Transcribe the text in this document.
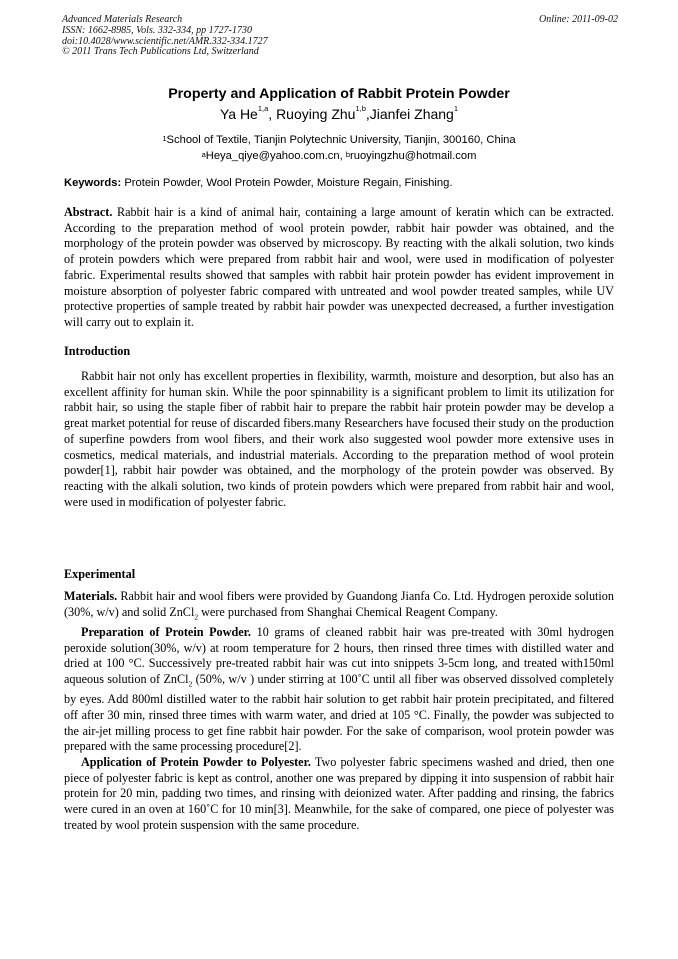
Advanced Materials Research
ISSN: 1662-8985, Vols. 332-334, pp 1727-1730
doi:10.4028/www.scientific.net/AMR.332-334.1727
© 2011 Trans Tech Publications Ltd, Switzerland
Online: 2011-09-02
Property and Application of Rabbit Protein Powder
Ya He$^{1,a}$, Ruoying Zhu$^{1,b}$,Jianfei Zhang$^1$
$^1$School of Textile, Tianjin Polytechnic University, Tianjin, 300160, China
$^a$Heya_qiye@yahoo.com.cn, $^b$ruoyingzhu@hotmail.com
Keywords: Protein Powder, Wool Protein Powder, Moisture Regain, Finishing.

Abstract. Rabbit hair is a kind of animal hair, containing a large amount of keratin which can be extracted. According to the preparation method of wool protein powder, rabbit hair powder was obtained, and the morphology of the protein powder was observed by microscopy. By reacting with the alkali solution, two kinds of protein powders which were prepared from rabbit hair and wool, were used in modification of polyester fabric. Experimental results showed that samples with rabbit hair protein powder has evident improvement in moisture absorption of polyester fabric compared with untreated and wool powder treated samples, while UV protective properties of sample treated by rabbit hair powder was unexpected decreased, a further investigation will carry out to explain it.

Introduction

Rabbit hair not only has excellent properties in flexibility, warmth, moisture and desorption, but also has an excellent affinity for human skin. While the poor spinnability is a significant problem to limit its utilization for rabbit hair, so using the staple fiber of rabbit hair to prepare the rabbit hair protein powder may be develop a great market potential for reuse of discarded fibers.many Researchers have focused their study on the production of superfine powders from wool fibers, and their work also suggested wool powder more extensive uses in cosmetics, medical materials, and industrial materials. According to the preparation method of wool protein powder[1], rabbit hair powder was obtained, and the morphology of the protein powder was observed. By reacting with the alkali solution, two kinds of protein powders which were prepared from rabbit hair and wool, were used in modification of polyester fabric.

Experimental

Materials. Rabbit hair and wool fibers were provided by Guandong Jianfa Co. Ltd. Hydrogen peroxide solution (30%, w/v) and solid ZnCl$_2$ were purchased from Shanghai Chemical Reagent Company.

Preparation of Protein Powder. 10 grams of cleaned rabbit hair was pre-treated with 30ml hydrogen peroxide solution(30%, w/v) at room temperature for 2 hours, then rinsed three times with distilled water and dried at 100 °C. Successively pre-treated rabbit hair was cut into snippets 3-5cm long, and treated with150ml aqueous solution of ZnCl$_2$ (50%, w/v ) under stirring at 100˚C until all fiber was observed dissolved completely by eyes. Add 800ml distilled water to the rabbit hair solution to get rabbit hair protein precipitated, and filtered off after 30 min, rinsed three times with warm water, and dried at 105 °C. Finally, the powder was subjected to the air-jet milling process to get fine rabbit hair powder. For the sake of comparison, wool protein powder was prepared with the same processing procedure[2].

Application of Protein Powder to Polyester. Two polyester fabric specimens washed and dried, then one piece of polyester fabric is kept as control, another one was prepared by dipping it into suspension of rabbit hair protein for 20 min, padding two times, and rinsing with deionized water. After padding and rinsing, the fabrics were cured in an oven at 160˚C for 10 min[3]. Meanwhile, for the sake of compared, one piece of polyester was treated by wool protein suspension with the same procedure.
